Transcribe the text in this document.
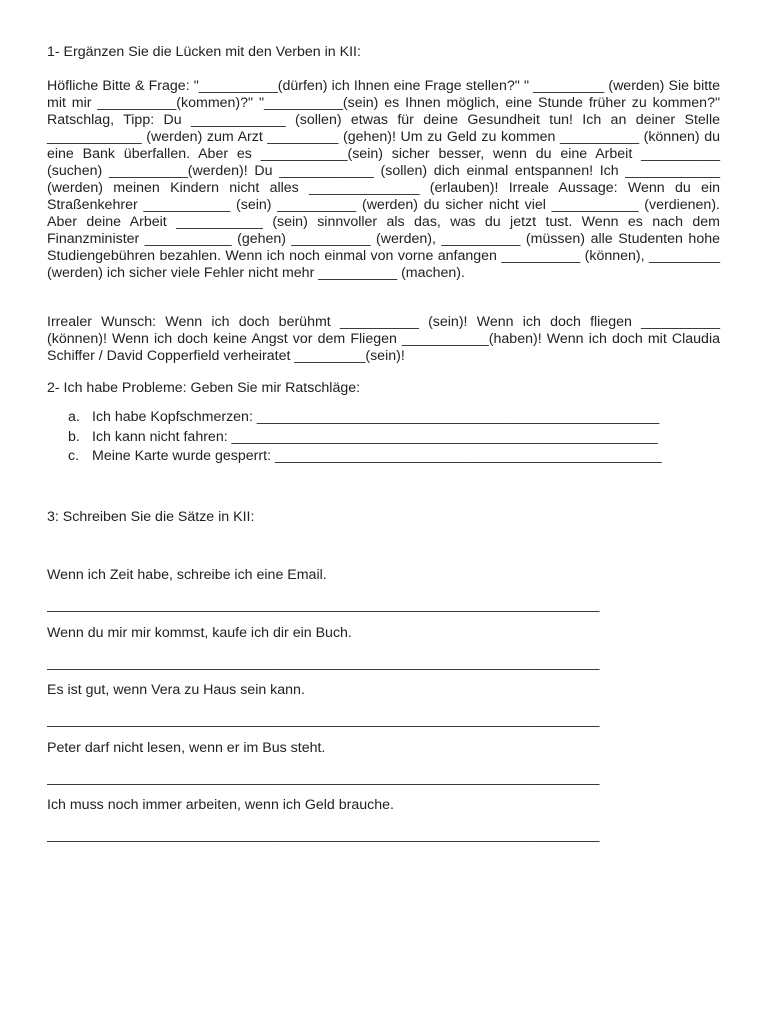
1- Ergänzen Sie die Lücken mit den Verben in KII:

Höfliche Bitte & Frage: "__________(dürfen) ich Ihnen eine Frage stellen?" " _________ (werden) Sie bitte mit mir __________(kommen)?" "__________(sein) es Ihnen möglich, eine Stunde früher zu kommen?" Ratschlag, Tipp: Du ____________ (sollen) etwas für deine Gesundheit tun! Ich an deiner Stelle ____________ (werden) zum Arzt _________ (gehen)! Um zu Geld zu kommen __________ (können) du eine Bank überfallen. Aber es ___________(sein) sicher besser, wenn du eine Arbeit __________ (suchen) __________(werden)! Du ____________ (sollen) dich einmal entspannen! Ich ____________ (werden) meinen Kindern nicht alles ______________ (erlauben)! Irreale Aussage: Wenn du ein Straßenkehrer ___________ (sein) __________ (werden) du sicher nicht viel ___________ (verdienen). Aber deine Arbeit ___________ (sein) sinnvoller als das, was du jetzt tust. Wenn es nach dem Finanzminister ___________ (gehen) __________ (werden), __________ (müssen) alle Studenten hohe Studiengebühren bezahlen. Wenn ich noch einmal von vorne anfangen __________ (können), _________ (werden) ich sicher viele Fehler nicht mehr __________ (machen).

Irrealer Wunsch: Wenn ich doch berühmt __________ (sein)! Wenn ich doch fliegen __________ (können)! Wenn ich doch keine Angst vor dem Fliegen ___________(haben)! Wenn ich doch mit Claudia Schiffer / David Copperfield verheiratet _________(sein)!

2- Ich habe Probleme: Geben Sie mir Ratschläge:

a. Ich habe Kopfschmerzen: ___________________________________________________
b. Ich kann nicht fahren: ______________________________________________________
c. Meine Karte wurde gesperrt: _________________________________________________

3: Schreiben Sie die Sätze in KII:

Wenn ich Zeit habe, schreibe ich eine Email.
______________________________________________________________________
Wenn du mir mir kommst, kaufe ich dir ein Buch.
______________________________________________________________________
Es ist gut, wenn Vera zu Haus sein kann.
______________________________________________________________________
Peter darf nicht lesen, wenn er im Bus steht.
______________________________________________________________________
Ich muss noch immer arbeiten, wenn ich Geld brauche.
______________________________________________________________________
